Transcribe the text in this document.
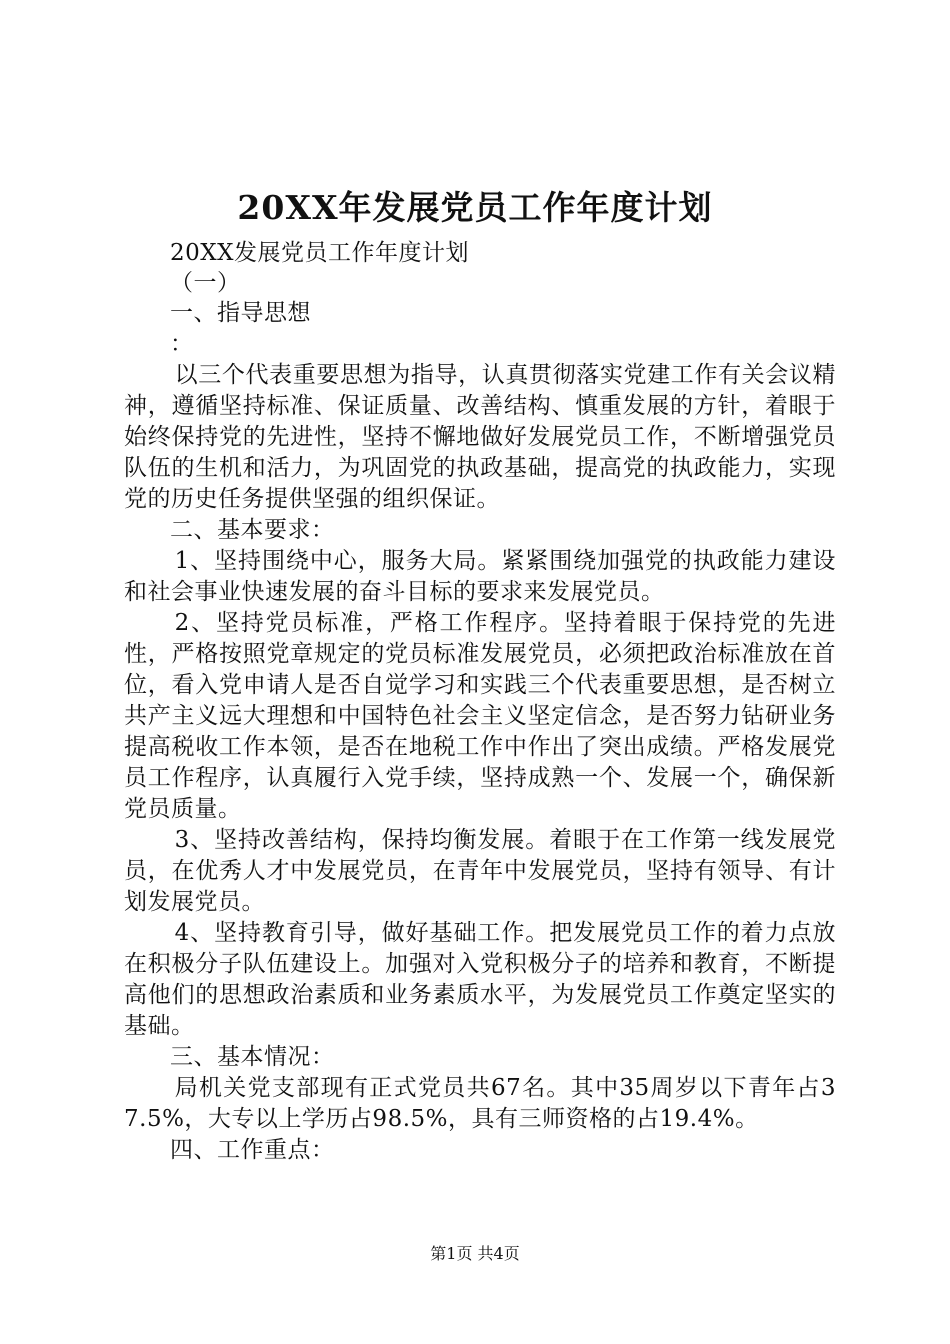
20XX年发展党员工作年度计划

20XX发展党员工作年度计划

（一）

一、指导思想

：

以三个代表重要思想为指导，认真贯彻落实党建工作有关会议精神，遵循坚持标准、保证质量、改善结构、慎重发展的方针，着眼于始终保持党的先进性，坚持不懈地做好发展党员工作，不断增强党员队伍的生机和活力，为巩固党的执政基础，提高党的执政能力，实现党的历史任务提供坚强的组织保证。

二、基本要求：

1、坚持围绕中心，服务大局。紧紧围绕加强党的执政能力建设和社会事业快速发展的奋斗目标的要求来发展党员。

2、坚持党员标准，严格工作程序。坚持着眼于保持党的先进性，严格按照党章规定的党员标准发展党员，必须把政治标准放在首位，看入党申请人是否自觉学习和实践三个代表重要思想，是否树立共产主义远大理想和中国特色社会主义坚定信念，是否努力钻研业务提高税收工作本领，是否在地税工作中作出了突出成绩。严格发展党员工作程序，认真履行入党手续，坚持成熟一个、发展一个，确保新党员质量。

3、坚持改善结构，保持均衡发展。着眼于在工作第一线发展党员，在优秀人才中发展党员，在青年中发展党员，坚持有领导、有计划发展党员。

4、坚持教育引导，做好基础工作。把发展党员工作的着力点放在积极分子队伍建设上。加强对入党积极分子的培养和教育，不断提高他们的思想政治素质和业务素质水平，为发展党员工作奠定坚实的基础。

三、基本情况：

局机关党支部现有正式党员共67名。其中35周岁以下青年占37.5%，大专以上学历占98.5%，具有三师资格的占19.4%。

四、工作重点：

第1页 共4页
